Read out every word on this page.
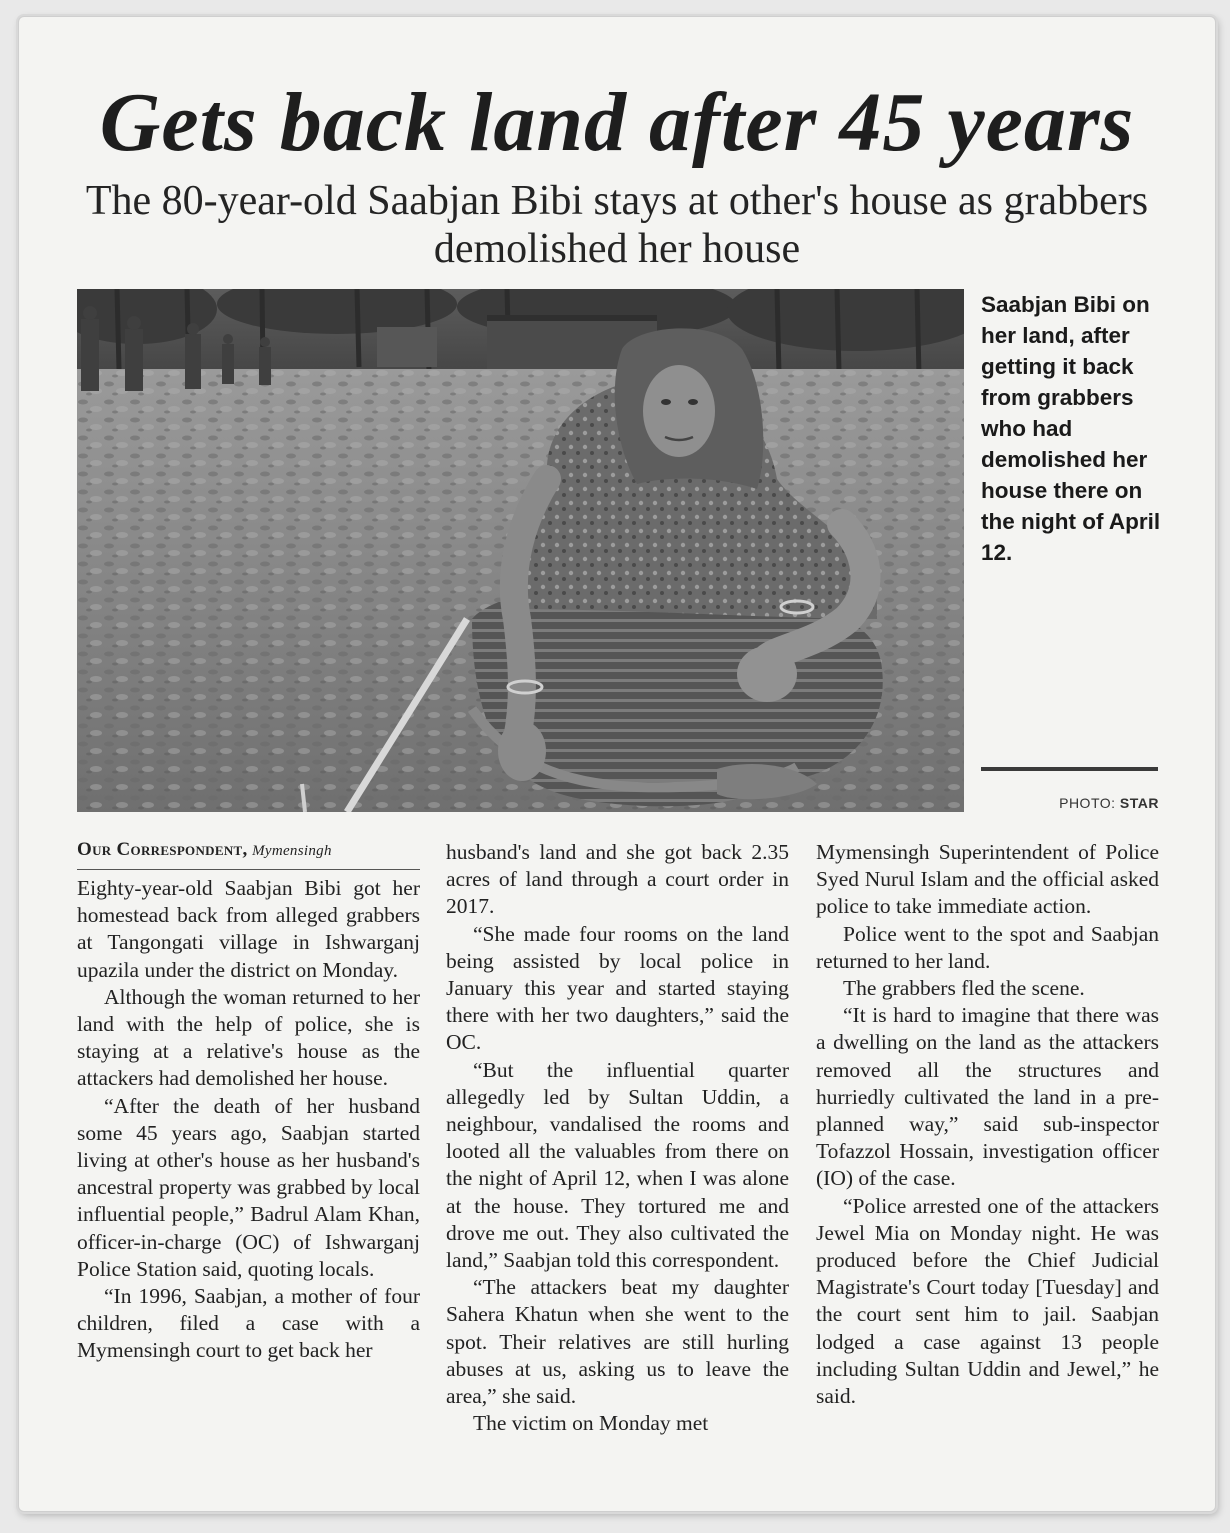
Gets back land after 45 years
The 80-year-old Saabjan Bibi stays at other's house as grabbers demolished her house

Saabjan Bibi on her land, after getting it back from grabbers who had demolished her house there on the night of April 12.

PHOTO: STAR
Our Correspondent, Mymensingh

Eighty-year-old Saabjan Bibi got her homestead back from alleged grabbers at Tangongati village in Ishwarganj upazila under the district on Monday.

Although the woman returned to her land with the help of police, she is staying at a relative's house as the attackers had demolished her house.

“After the death of her husband some 45 years ago, Saabjan started living at other's house as her husband's ancestral property was grabbed by local influential people,” Badrul Alam Khan, officer-in-charge (OC) of Ishwarganj Police Station said, quoting locals.

“In 1996, Saabjan, a mother of four children, filed a case with a Mymensingh court to get back her

husband's land and she got back 2.35 acres of land through a court order in 2017.

“She made four rooms on the land being assisted by local police in January this year and started staying there with her two daughters,” said the OC.

“But the influential quarter allegedly led by Sultan Uddin, a neighbour, vandalised the rooms and looted all the valuables from there on the night of April 12, when I was alone at the house. They tortured me and drove me out. They also cultivated the land,” Saabjan told this correspondent.

“The attackers beat my daughter Sahera Khatun when she went to the spot. Their relatives are still hurling abuses at us, asking us to leave the area,” she said.

The victim on Monday met

Mymensingh Superintendent of Police Syed Nurul Islam and the official asked police to take immediate action.

Police went to the spot and Saabjan returned to her land.

The grabbers fled the scene.

“It is hard to imagine that there was a dwelling on the land as the attackers removed all the structures and hurriedly cultivated the land in a pre-planned way,” said sub-inspector Tofazzol Hossain, investigation officer (IO) of the case.

“Police arrested one of the attackers Jewel Mia on Monday night. He was produced before the Chief Judicial Magistrate's Court today [Tuesday] and the court sent him to jail. Saabjan lodged a case against 13 people including Sultan Uddin and Jewel,” he said.
